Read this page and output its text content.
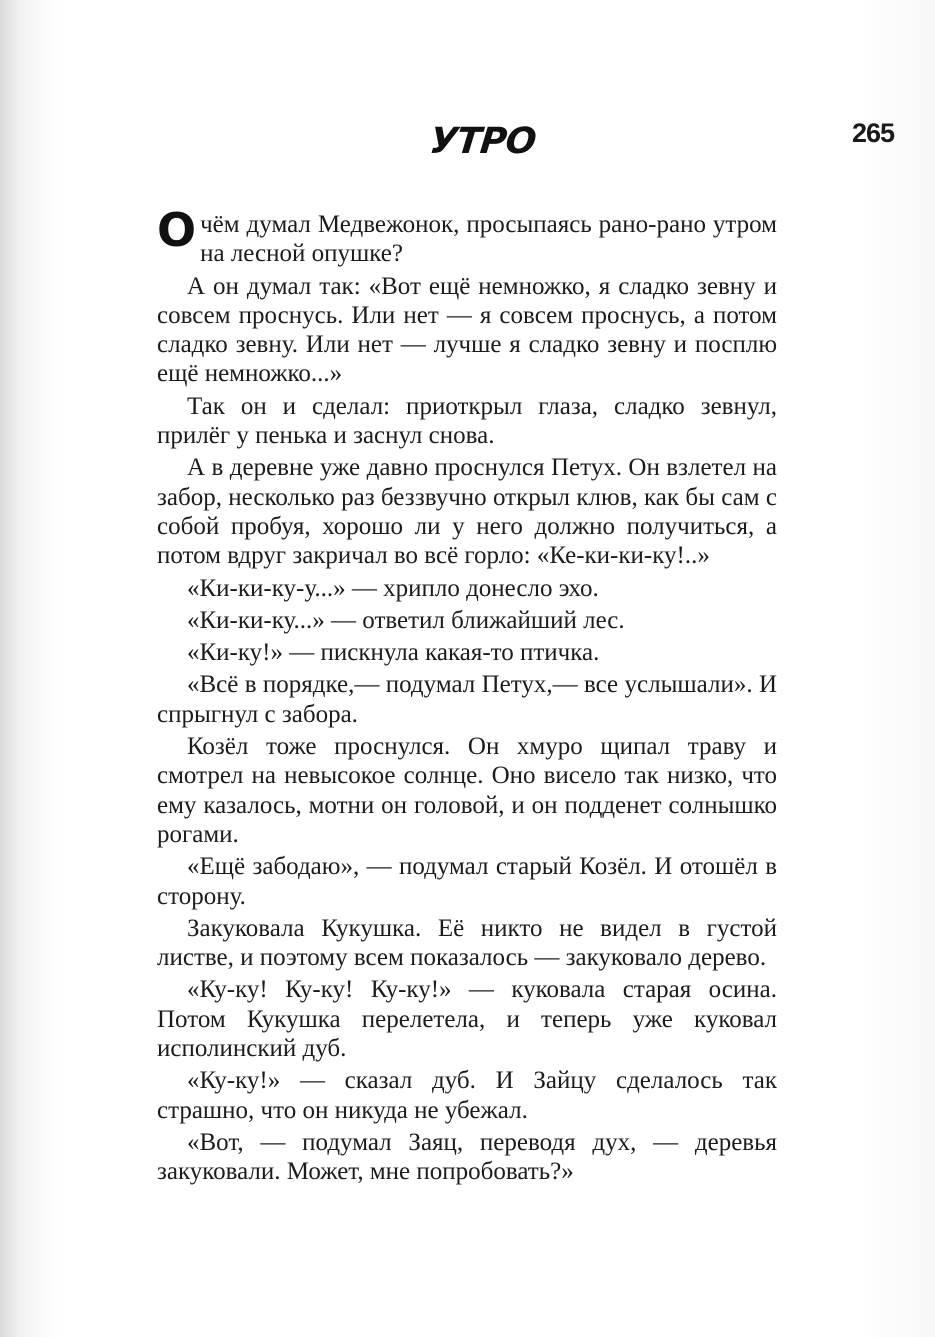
265
УТРО

Очём думал Медвежонок, просыпаясь рано-рано утром на лесной опушке?

А он думал так: «Вот ещё немножко, я сладко зевну и совсем проснусь. Или нет — я совсем проснусь, а потом сладко зевну. Или нет — лучше я сладко зевну и посплю ещё немножко...»

Так он и сделал: приоткрыл глаза, сладко зевнул, прилёг у пенька и заснул снова.

А в деревне уже давно проснулся Петух. Он взлетел на забор, несколько раз беззвучно открыл клюв, как бы сам с собой пробуя, хорошо ли у него должно получиться, а потом вдруг закричал во всё горло: «Ке-ки-ки-ку!..»

«Ки-ки-ку-у...» — хрипло донесло эхо.

«Ки-ки-ку...» — ответил ближайший лес.

«Ки-ку!» — пискнула какая-то птичка.

«Всё в порядке,— подумал Петух,— все услышали». И спрыгнул с забора.

Козёл тоже проснулся. Он хмуро щипал траву и смотрел на невысокое солнце. Оно висело так низко, что ему казалось, мотни он головой, и он подденет солнышко рогами.

«Ещё забодаю», — подумал старый Козёл. И отошёл в сторону.

Закуковала Кукушка. Её никто не видел в густой листве, и поэтому всем показалось — закуковало дерево.

«Ку-ку! Ку-ку! Ку-ку!» — куковала старая осина. Потом Кукушка перелетела, и теперь уже куковал исполинский дуб.

«Ку-ку!» — сказал дуб. И Зайцу сделалось так страшно, что он никуда не убежал.

«Вот, — подумал Заяц, переводя дух, — деревья закуковали. Может, мне попробовать?»
